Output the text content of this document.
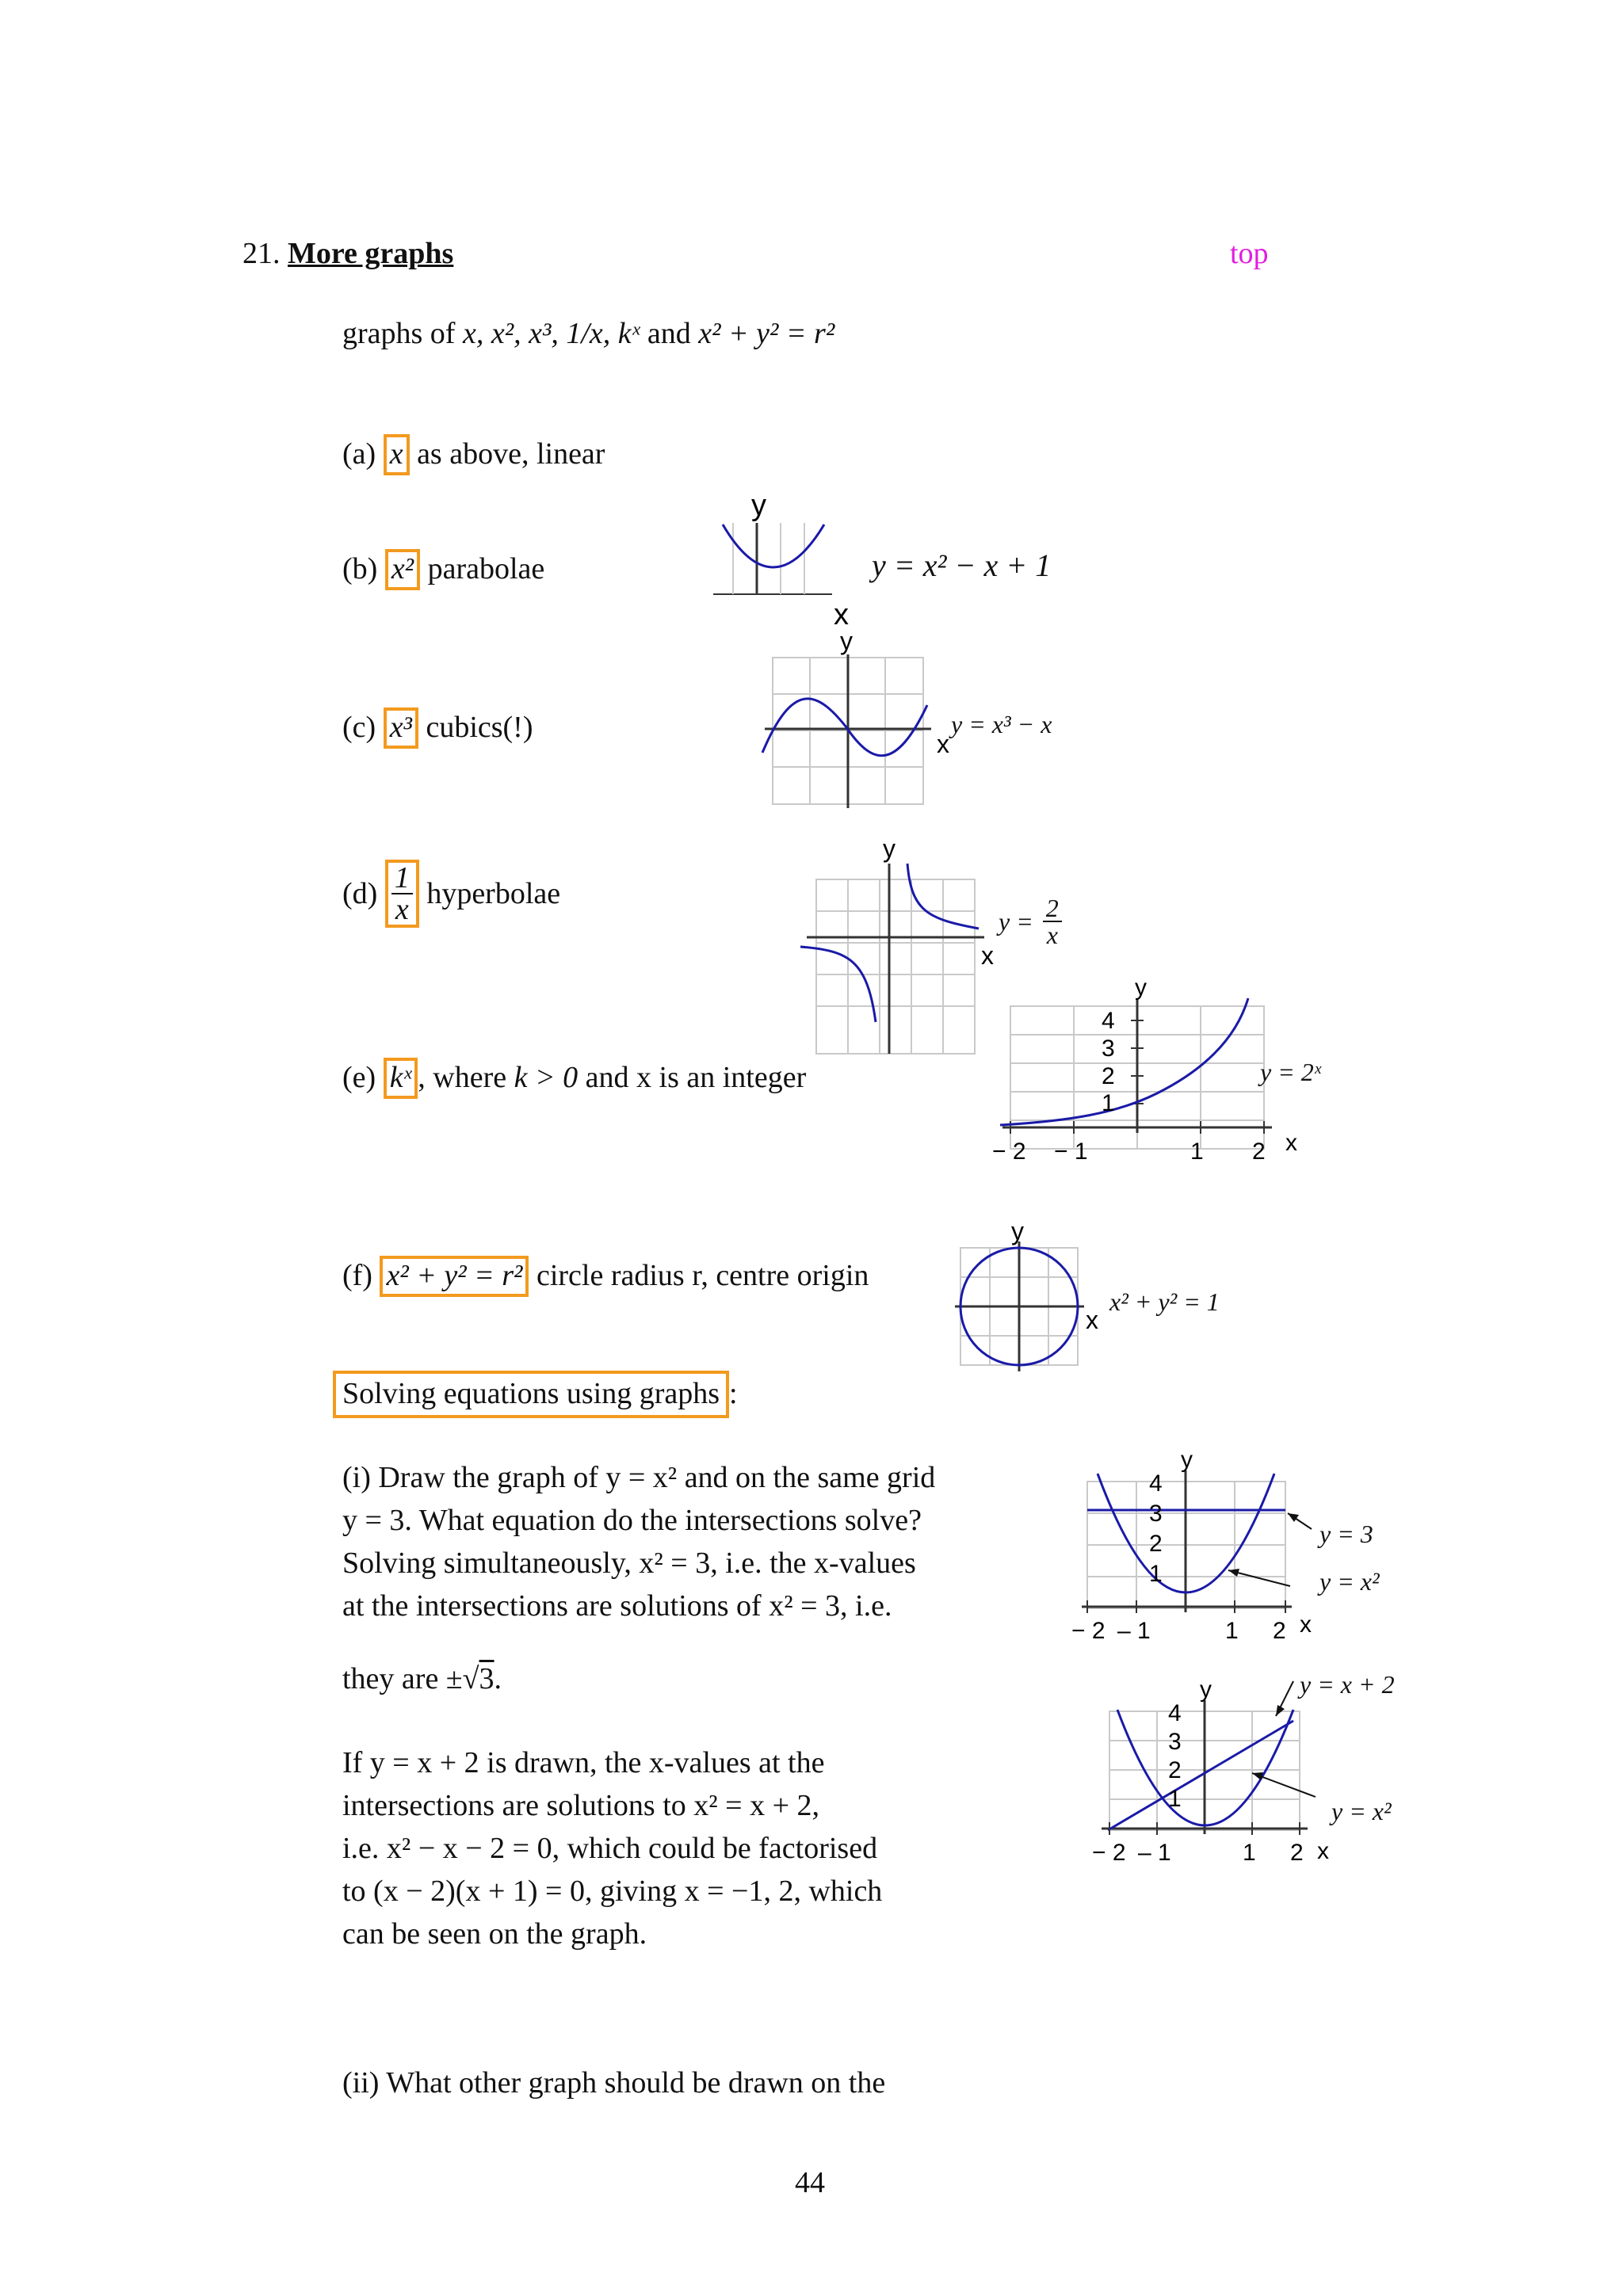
21. More graphs	top
graphs of x, x², x³, 1/x, kˣ and x² + y² = r²
(a) x as above, linear
(b) x² parabolae
y
x
y = x² − x + 1
(c) x³ cubics(!)
y
x
y = x³ − x
$(d) \frac{1}{x}$ hyperbolae
y
x
$y = \frac{2}{x}$
(e) kˣ , where k > 0 and x is an integer
y
x
4
3
2
1
− 2 − 1	1 2
y = 2ˣ
(f) x² + y² = r² circle radius r, centre origin
y
x
x² + y² = 1
Solving equations using graphs :
(i) Draw the graph of y = x² and on the same grid
y = 3. What equation do the intersections solve?
Solving simultaneously, x² = 3, i.e. the x-values
at the intersections are solutions of x² = 3, i.e.
they are ±√3.
If y = x + 2 is drawn, the x-values at the
intersections are solutions to x² = x + 2,
i.e. x² − x − 2 = 0, which could be factorised
to (x − 2)(x + 1) = 0, giving x = −1, 2, which
can be seen on the graph.
y
4
3
2
1
− 2 – 1	1 2 x
y = 3
y = x²
y
4
3
2
1
− 2 – 1	1 2 x
y = x + 2
y = x²
(ii) What other graph should be drawn on the
44
